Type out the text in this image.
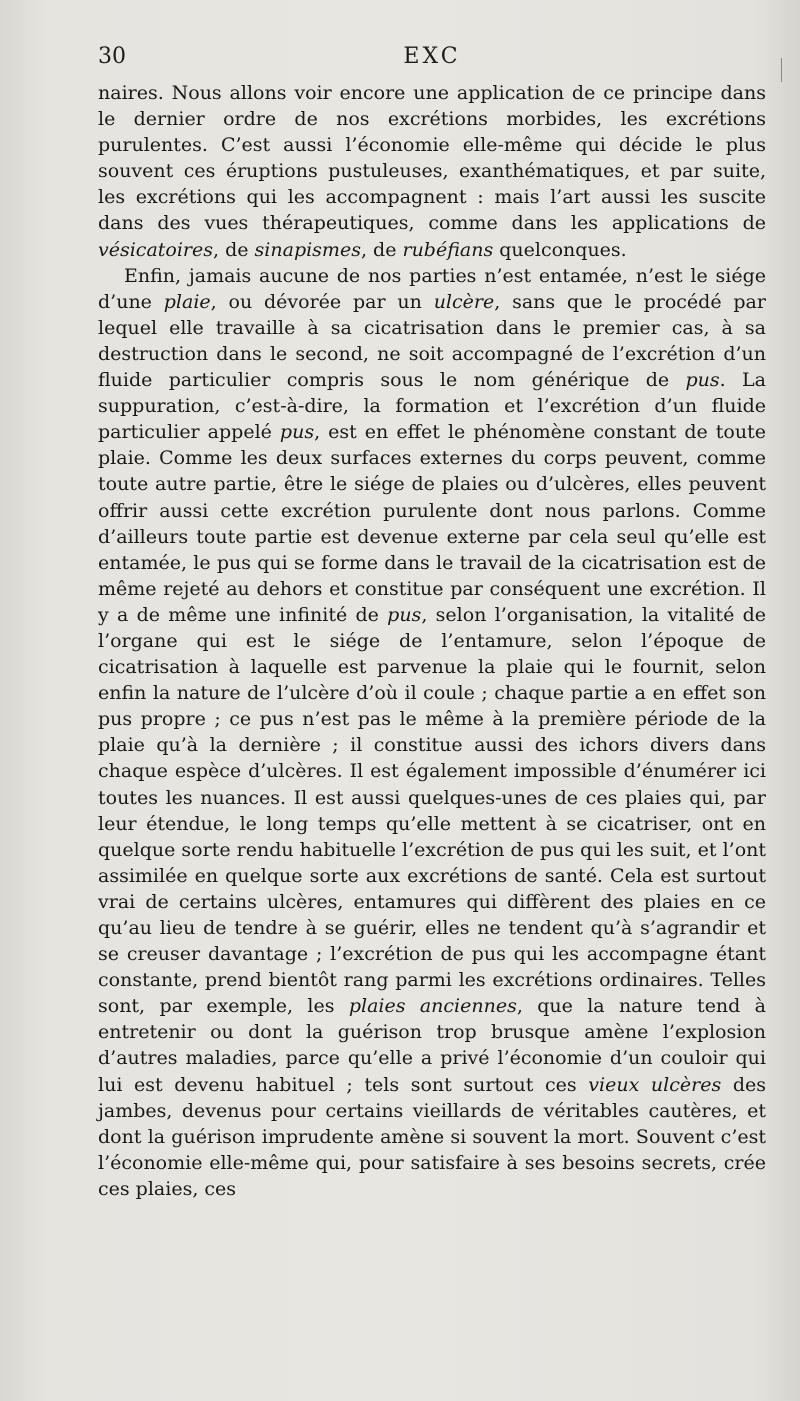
30	EXC

naires. Nous allons voir encore une application de ce principe dans le dernier ordre de nos excrétions morbides, les excrétions purulentes. C’est aussi l’économie elle-même qui décide le plus souvent ces éruptions pustuleuses, exanthématiques, et par suite, les excrétions qui les accompagnent : mais l’art aussi les suscite dans des vues thérapeutiques, comme dans les applications de vésicatoires, de sinapismes, de rubéfians quelconques.

Enfin, jamais aucune de nos parties n’est entamée, n’est le siége d’une plaie, ou dévorée par un ulcère, sans que le procédé par lequel elle travaille à sa cicatrisation dans le premier cas, à sa destruction dans le second, ne soit accompagné de l’excrétion d’un fluide particulier compris sous le nom générique de pus. La suppuration, c’est-à-dire, la formation et l’excrétion d’un fluide particulier appelé pus, est en effet le phénomène constant de toute plaie. Comme les deux surfaces externes du corps peuvent, comme toute autre partie, être le siége de plaies ou d’ulcères, elles peuvent offrir aussi cette excrétion purulente dont nous parlons. Comme d’ailleurs toute partie est devenue externe par cela seul qu’elle est entamée, le pus qui se forme dans le travail de la cicatrisation est de même rejeté au dehors et constitue par conséquent une excrétion. Il y a de même une infinité de pus, selon l’organisation, la vitalité de l’organe qui est le siége de l’entamure, selon l’époque de cicatrisation à laquelle est parvenue la plaie qui le fournit, selon enfin la nature de l’ulcère d’où il coule ; chaque partie a en effet son pus propre ; ce pus n’est pas le même à la première période de la plaie qu’à la dernière ; il constitue aussi des ichors divers dans chaque espèce d’ulcères. Il est également impossible d’énumérer ici toutes les nuances. Il est aussi quelques-unes de ces plaies qui, par leur étendue, le long temps qu’elle mettent à se cicatriser, ont en quelque sorte rendu habituelle l’excrétion de pus qui les suit, et l’ont assimilée en quelque sorte aux excrétions de santé. Cela est surtout vrai de certains ulcères, entamures qui diffèrent des plaies en ce qu’au lieu de tendre à se guérir, elles ne tendent qu’à s’agrandir et se creuser davantage ; l’excrétion de pus qui les accompagne étant constante, prend bientôt rang parmi les excrétions ordinaires. Telles sont, par exemple, les plaies anciennes, que la nature tend à entretenir ou dont la guérison trop brusque amène l’explosion d’autres maladies, parce qu’elle a privé l’économie d’un couloir qui lui est devenu habituel ; tels sont surtout ces vieux ulcères des jambes, devenus pour certains vieillards de véritables cautères, et dont la guérison imprudente amène si souvent la mort. Souvent c’est l’économie elle-même qui, pour satisfaire à ses besoins secrets, crée ces plaies, ces
